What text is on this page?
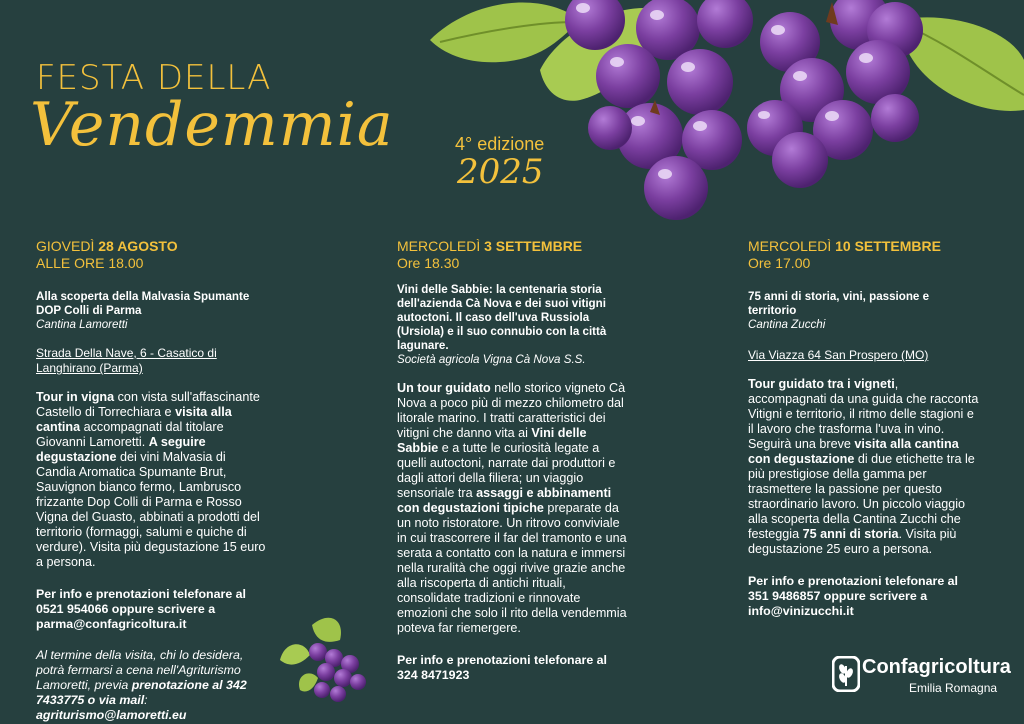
FESTA DELLA
Vendemmia	4° edizione
2025

GIOVEDÌ 28 AGOSTO

ALLE ORE 18.00

Alla scoperta della Malvasia Spumante DOP Colli di Parma

Cantina Lamoretti

Strada Della Nave, 6 - Casatico di Langhirano (Parma)

Tour in vigna con vista sull'affascinante Castello di Torrechiara e visita alla cantina accompagnati dal titolare Giovanni Lamoretti. A seguire degustazione dei vini Malvasia di Candia Aromatica Spumante Brut, Sauvignon bianco fermo, Lambrusco frizzante Dop Colli di Parma e Rosso Vigna del Guasto, abbinati a prodotti del territorio (formaggi, salumi e quiche di verdure). Visita più degustazione 15 euro a persona.

Per info e prenotazioni telefonare al 0521 954066 oppure scrivere a
parma@confagricoltura.it

Al termine della visita, chi lo desidera, potrà fermarsi a cena nell'Agriturismo Lamoretti, previa prenotazione al 342 7433775 o via mail: agriturismo@lamoretti.eu

MERCOLEDÌ 3 SETTEMBRE

Ore 18.30

Vini delle Sabbie: la centenaria storia dell'azienda Cà Nova e dei suoi vitigni autoctoni. Il caso dell'uva Russiola (Ursiola) e il suo connubio con la città lagunare.

Società agricola Vigna Cà Nova S.S.

Un tour guidato nello storico vigneto Cà Nova a poco più di mezzo chilometro dal litorale marino. I tratti caratteristici dei vitigni che danno vita ai Vini delle Sabbie e a tutte le curiosità legate a quelli autoctoni, narrate dai produttori e dagli attori della filiera; un viaggio sensoriale tra assaggi e abbinamenti con degustazioni tipiche preparate da un noto ristoratore. Un ritrovo conviviale in cui trascorrere il far del tramonto e una serata a contatto con la natura e immersi nella ruralità che oggi rivive grazie anche alla riscoperta di antichi rituali, consolidate tradizioni e rinnovate emozioni che solo il rito della vendemmia poteva far riemergere.

Per info e prenotazioni telefonare al 324 8471923

MERCOLEDÌ 10 SETTEMBRE

Ore 17.00

75 anni di storia, vini, passione e territorio

Cantina Zucchi

Via Viazza 64 San Prospero (MO)

Tour guidato tra i vigneti, accompagnati da una guida che racconta Vitigni e territorio, il ritmo delle stagioni e il lavoro che trasforma l'uva in vino. Seguirà una breve visita alla cantina con degustazione di due etichette tra le più prestigiose della gamma per trasmettere la passione per questo straordinario lavoro. Un piccolo viaggio alla scoperta della Cantina Zucchi che festeggia 75 anni di storia. Visita più degustazione 25 euro a persona.

Per info e prenotazioni telefonare al 351 9486857 oppure scrivere a
info@vinizucchi.it

Confagricoltura
Emilia Romagna
